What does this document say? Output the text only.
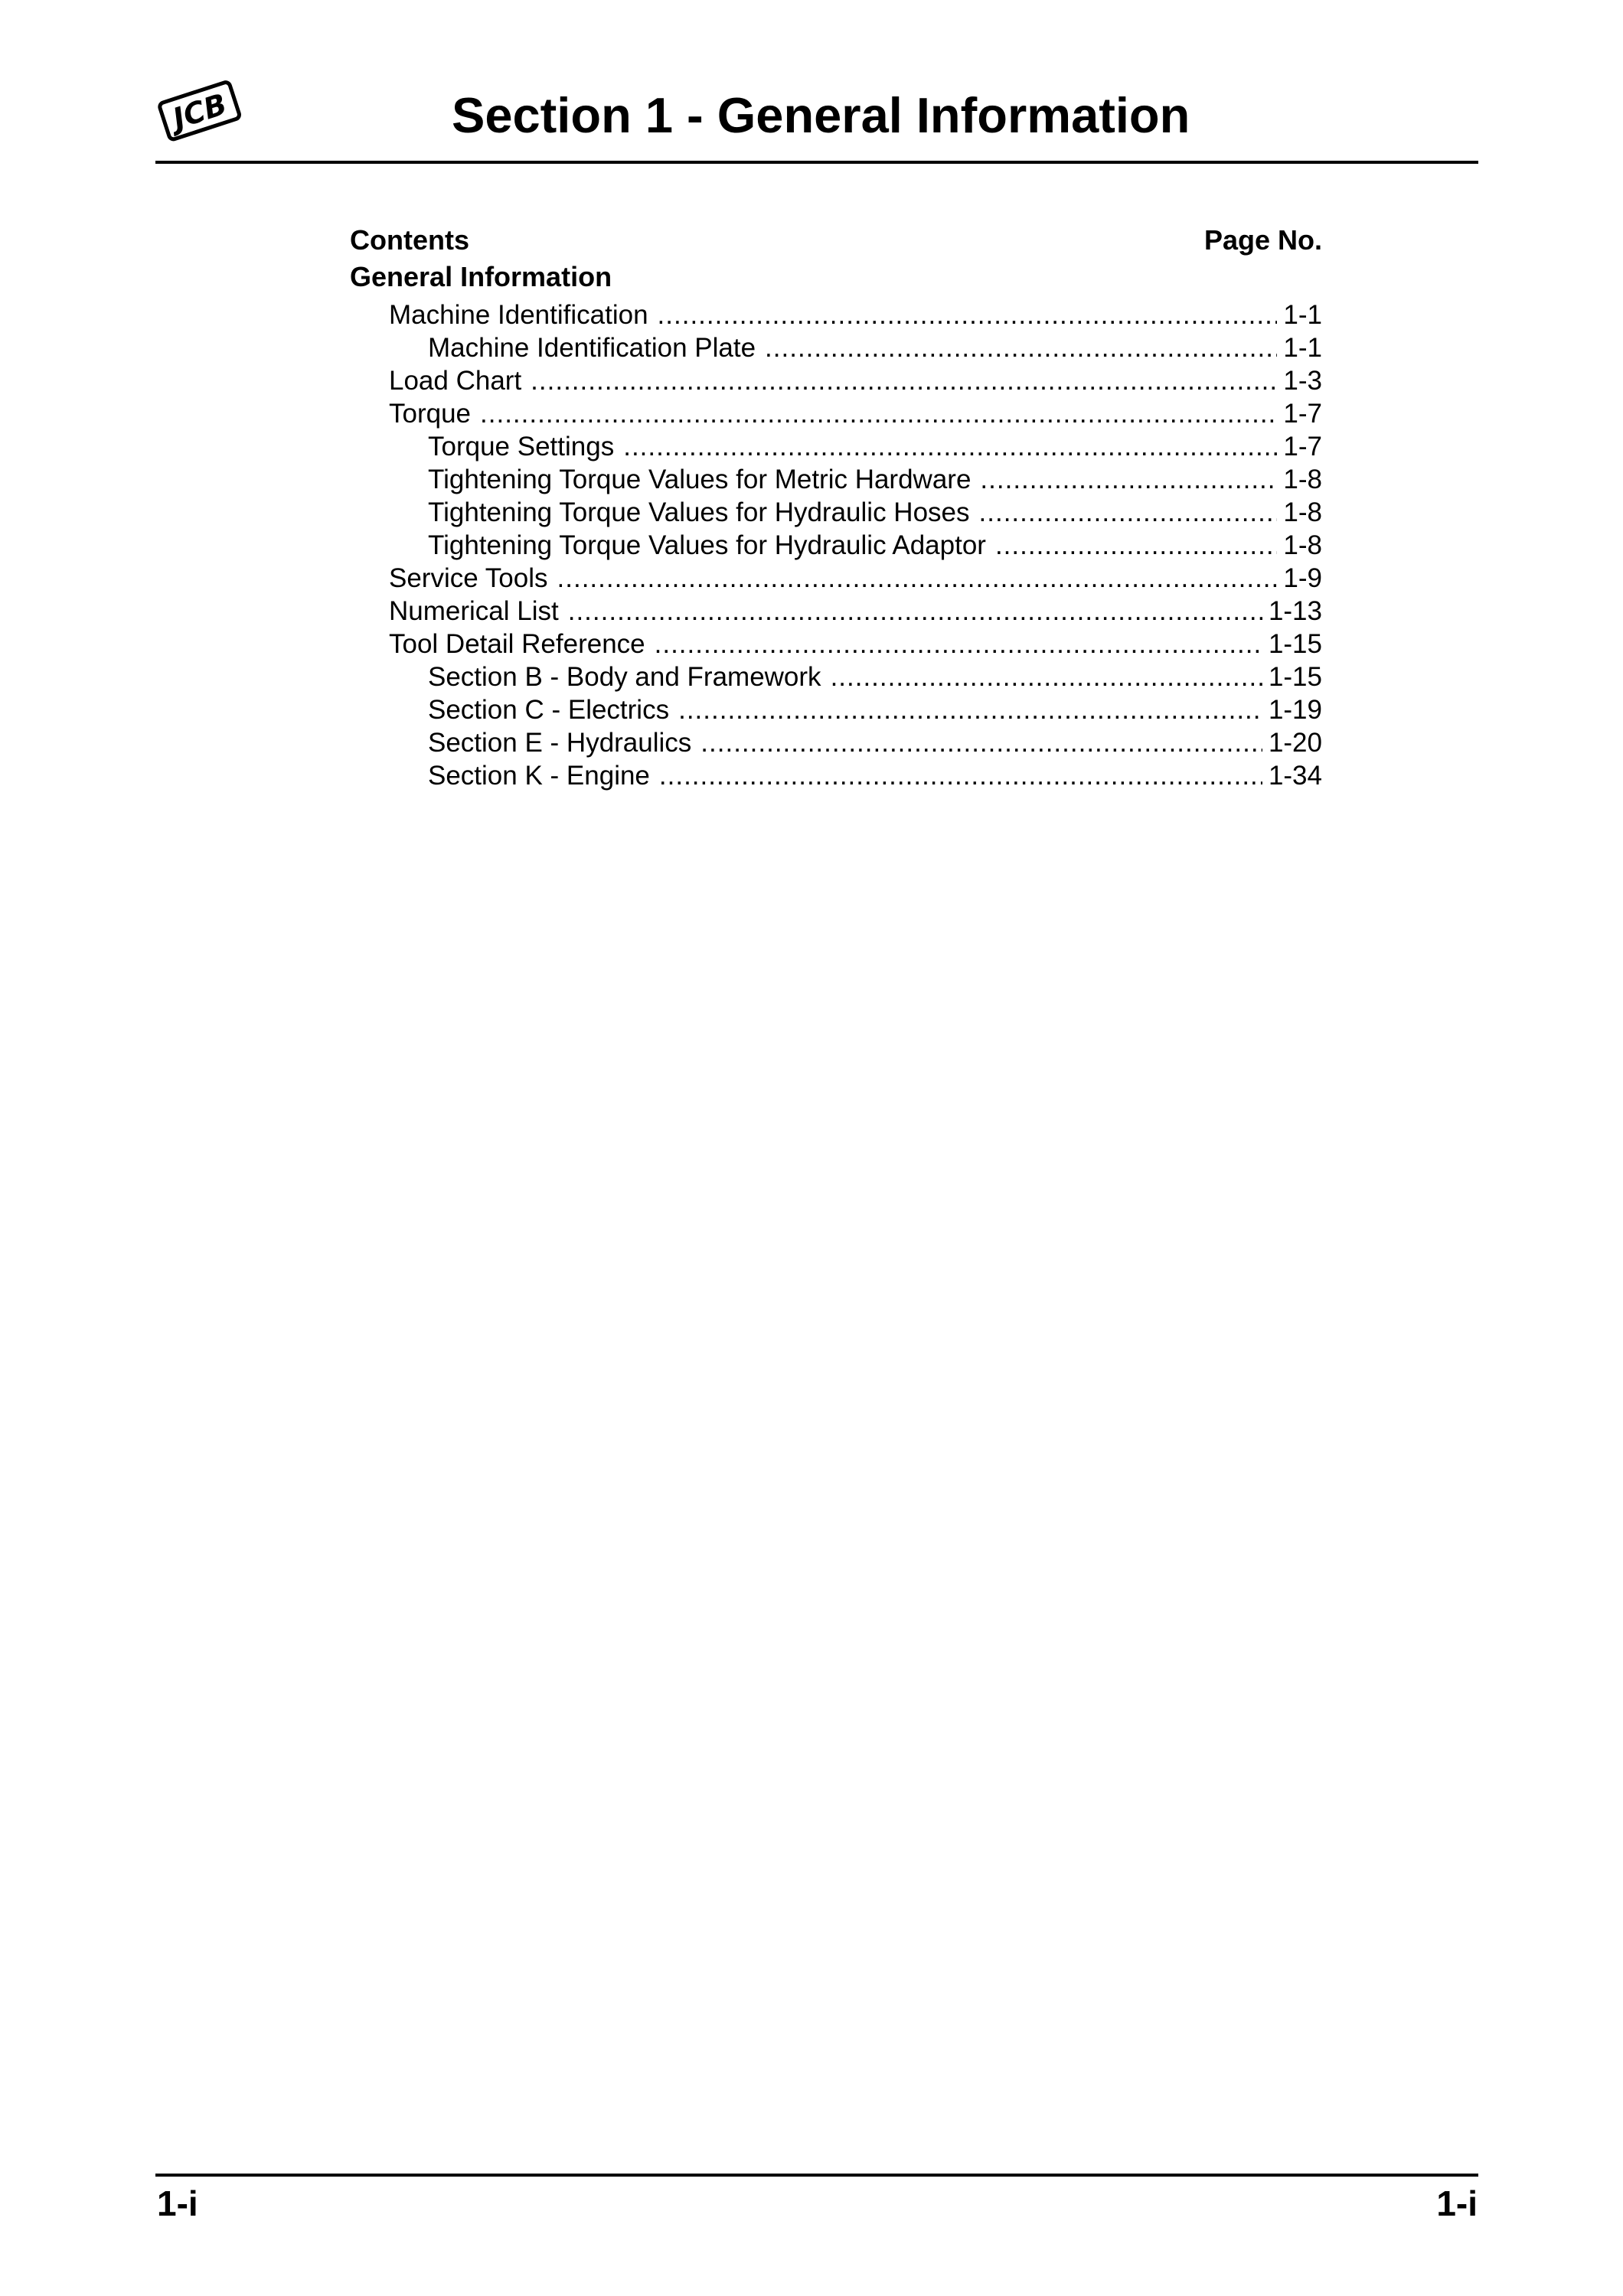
JCB	Section 1 - General Information
Contents	Page No.
General Information
Machine Identification .....	1-1
Machine Identification Plate .....	1-1
Load Chart .....	1-3
Torque .....	1-7
Torque Settings .....	1-7
Tightening Torque Values for Metric Hardware .....	1-8
Tightening Torque Values for Hydraulic Hoses .....	1-8
Tightening Torque Values for Hydraulic Adaptor .....	1-8
Service Tools .....	1-9
Numerical List .....	1-13
Tool Detail Reference .....	1-15
Section B - Body and Framework .....	1-15
Section C - Electrics .....	1-19
Section E - Hydraulics .....	1-20
Section K - Engine .....	1-34
1-i	1-i
